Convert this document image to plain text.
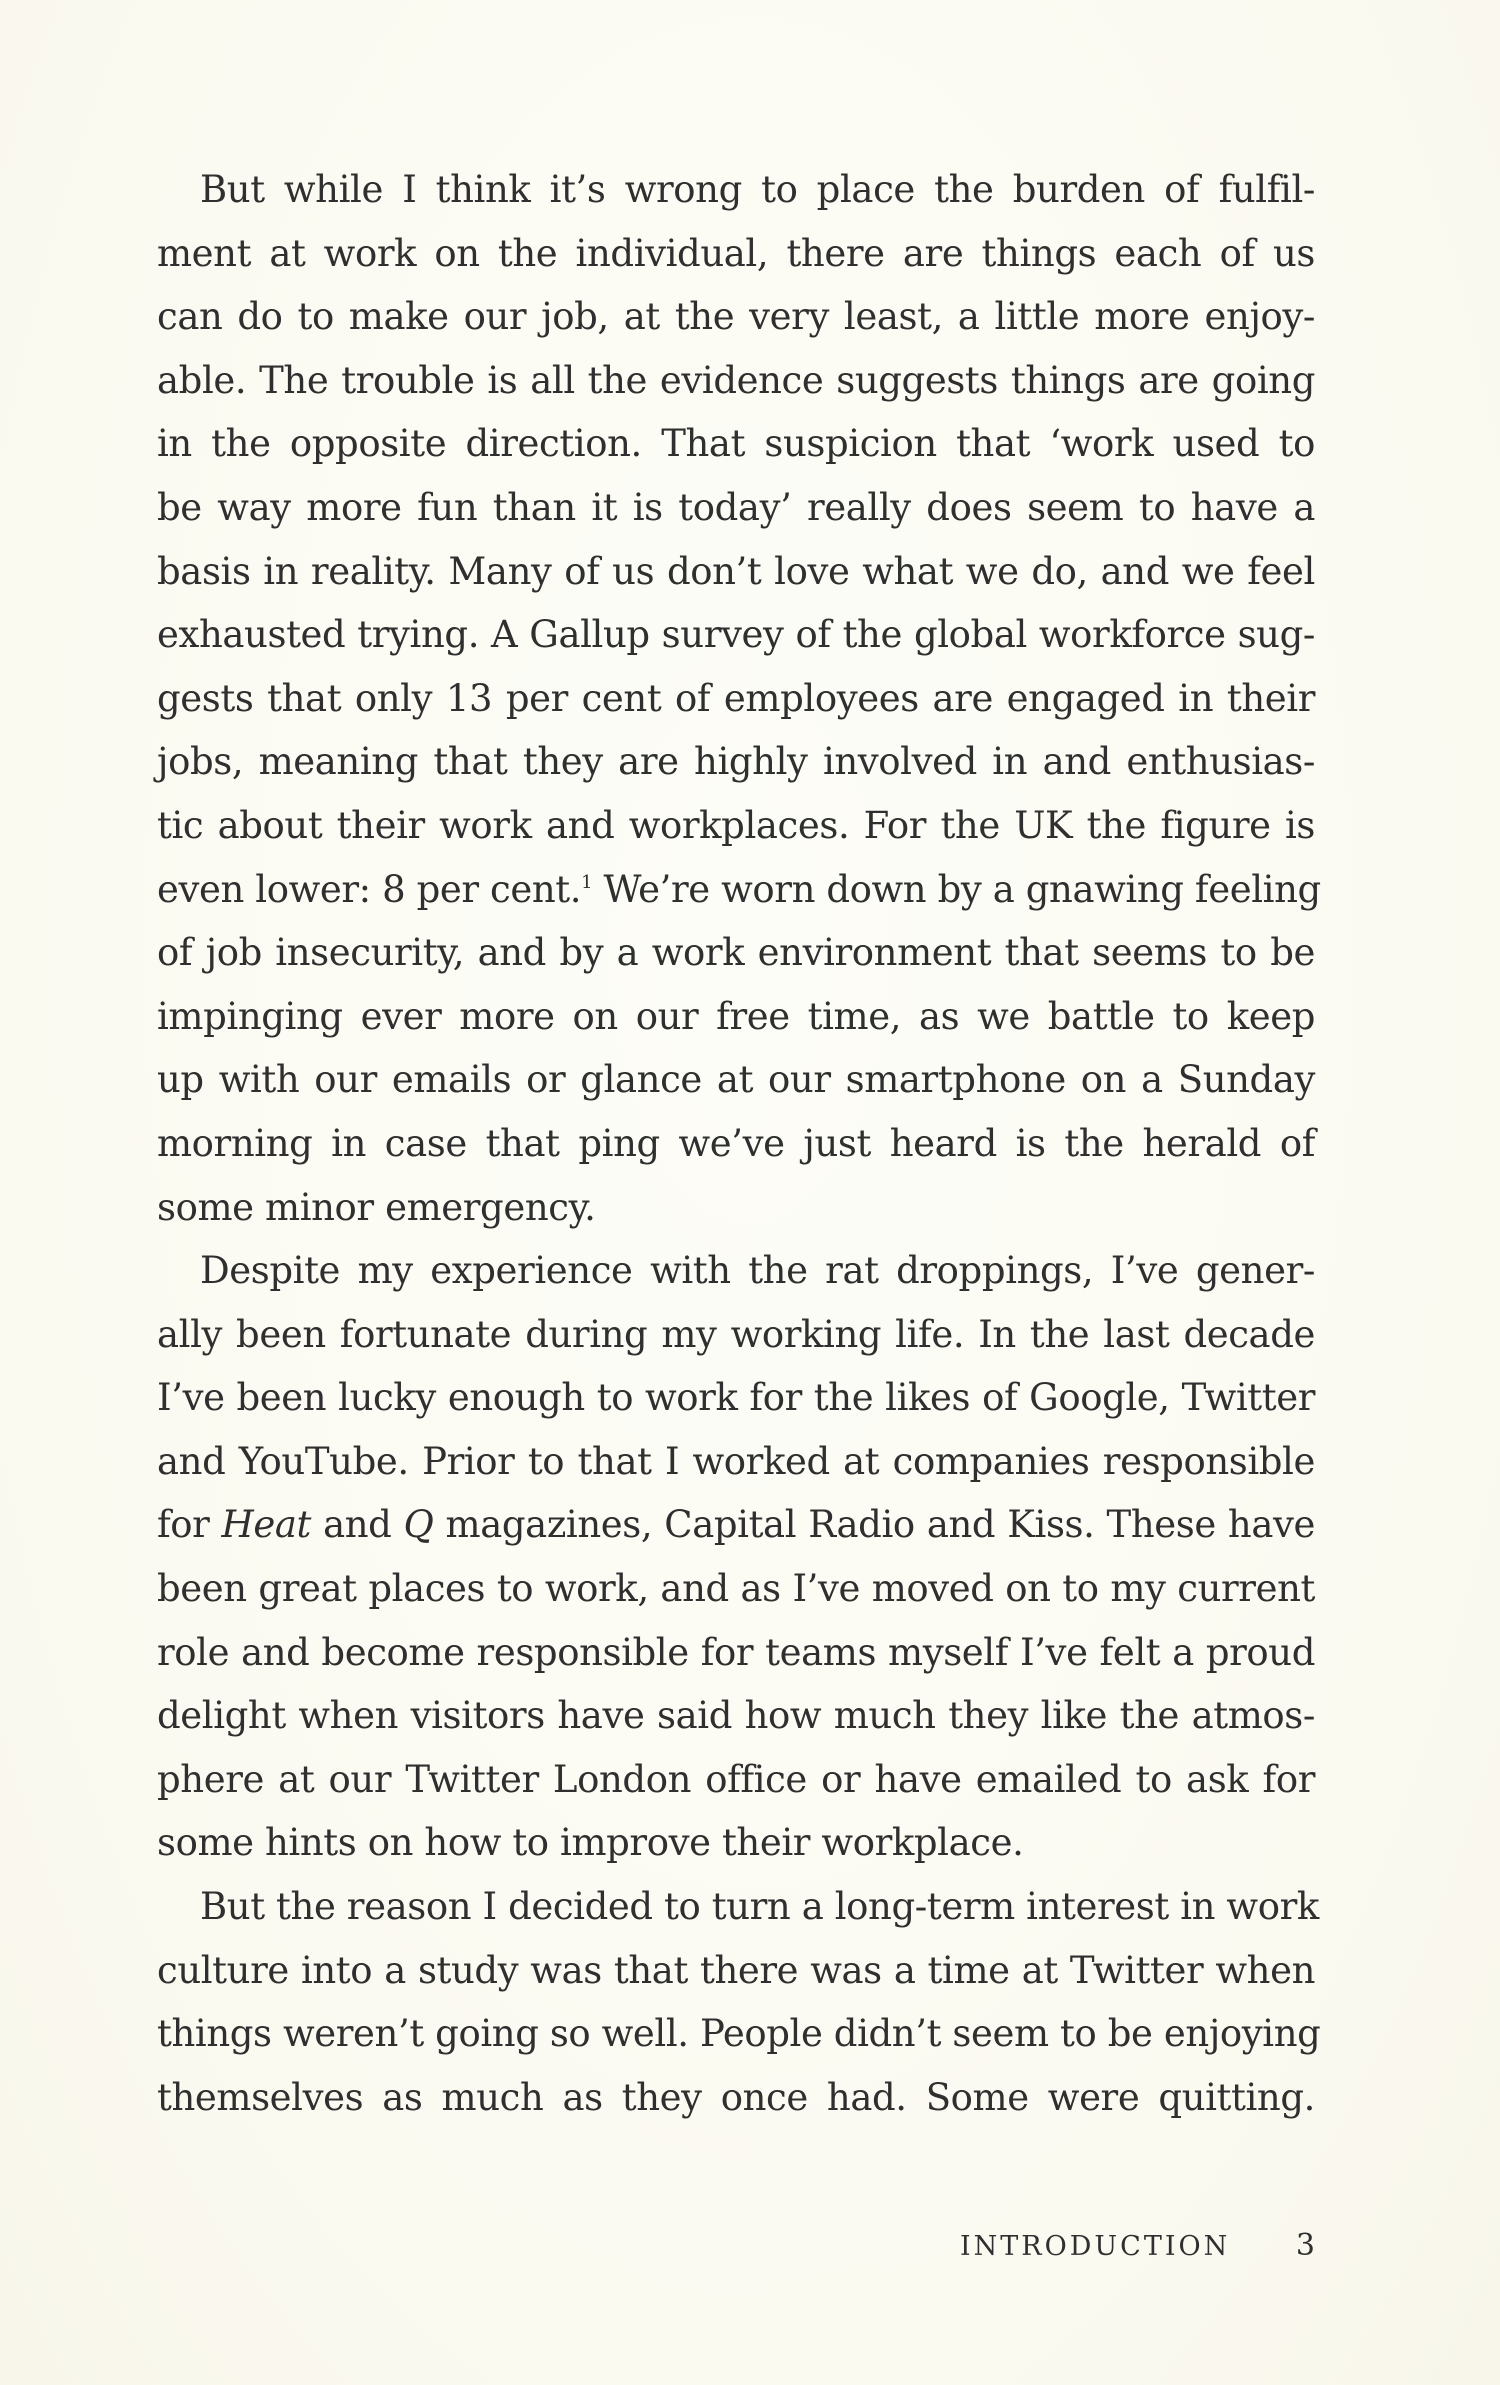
But while I think it’s wrong to place the burden of fulfil-
ment at work on the individual, there are things each of us
can do to make our job, at the very least, a little more enjoy-
able. The trouble is all the evidence suggests things are going
in the opposite direction. That suspicion that ‘work used to
be way more fun than it is today’ really does seem to have a
basis in reality. Many of us don’t love what we do, and we feel
exhausted trying. A Gallup survey of the global workforce sug-
gests that only 13 per cent of employees are engaged in their
jobs, meaning that they are highly involved in and enthusias-
tic about their work and workplaces. For the UK the figure is
even lower: 8 per cent.$^1$ We’re worn down by a gnawing feeling
of job insecurity, and by a work environment that seems to be
impinging ever more on our free time, as we battle to keep
up with our emails or glance at our smartphone on a Sunday
morning in case that ping we’ve just heard is the herald of
some minor emergency.
Despite my experience with the rat droppings, I’ve gener-
ally been fortunate during my working life. In the last decade
I’ve been lucky enough to work for the likes of Google, Twitter
and YouTube. Prior to that I worked at companies responsible
for Heat and Q magazines, Capital Radio and Kiss. These have
been great places to work, and as I’ve moved on to my current
role and become responsible for teams myself I’ve felt a proud
delight when visitors have said how much they like the atmos-
phere at our Twitter London office or have emailed to ask for
some hints on how to improve their workplace.
But the reason I decided to turn a long-term interest in work
culture into a study was that there was a time at Twitter when
things weren’t going so well. People didn’t seem to be enjoying
themselves as much as they once had. Some were quitting.
INTRODUCTION 3
